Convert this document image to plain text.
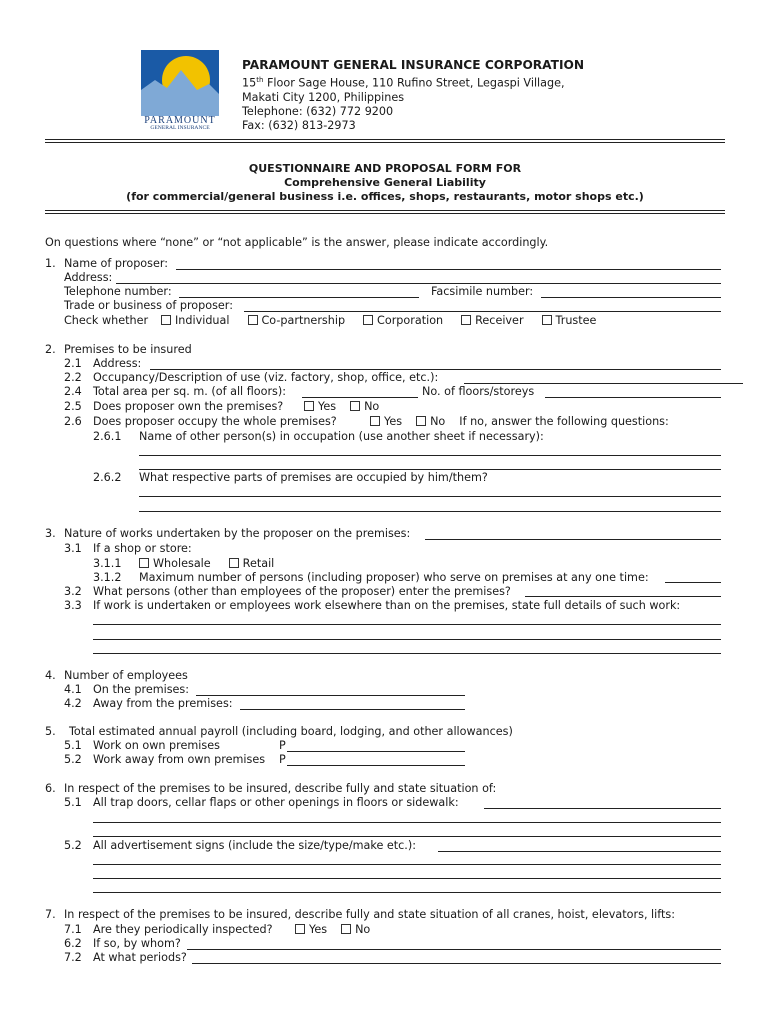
PARAMOUNT
GENERAL INSURANCE
PARAMOUNT GENERAL INSURANCE CORPORATION
15th Floor Sage House, 110 Rufino Street, Legaspi Village,
Makati City 1200, Philippines
Telephone: (632) 772 9200
Fax: (632) 813-2973
QUESTIONNAIRE AND PROPOSAL FORM FOR
Comprehensive General Liability
(for commercial/general business i.e. offices, shops, restaurants, motor shops etc.)
On questions where “none” or “not applicable” is the answer, please indicate accordingly.
1. Name of proposer:
Address:
Telephone number:	Facsimile number:
Trade or business of proposer:
Check whether	Individual	Co-partnership	Corporation	Receiver	Trustee
2. Premises to be insured
2.1 Address:
2.2 Occupancy/Description of use (viz. factory, shop, office, etc.):
2.4 Total area per sq. m. (of all floors):	No. of floors/storeys
2.5 Does proposer own the premises?	Yes	No
2.6 Does proposer occupy the whole premises?	Yes	No If no, answer the following questions:
2.6.1 Name of other person(s) in occupation (use another sheet if necessary):
2.6.2 What respective parts of premises are occupied by him/them?
3. Nature of works undertaken by the proposer on the premises:
3.1 If a shop or store:
3.1.1	Wholesale	Retail
3.1.2 Maximum number of persons (including proposer) who serve on premises at any one time:
3.2 What persons (other than employees of the proposer) enter the premises?
3.3 If work is undertaken or employees work elsewhere than on the premises, state full details of such work:
4. Number of employees
4.1 On the premises:
4.2 Away from the premises:
5. Total estimated annual payroll (including board, lodging, and other allowances)
5.1 Work on own premises	P
5.2 Work away from own premises P
6. In respect of the premises to be insured, describe fully and state situation of:
5.1 All trap doors, cellar flaps or other openings in floors or sidewalk:
5.2 All advertisement signs (include the size/type/make etc.):
7. In respect of the premises to be insured, describe fully and state situation of all cranes, hoist, elevators, lifts:
7.1 Are they periodically inspected?	Yes	No
6.2 If so, by whom?
7.2 At what periods?
